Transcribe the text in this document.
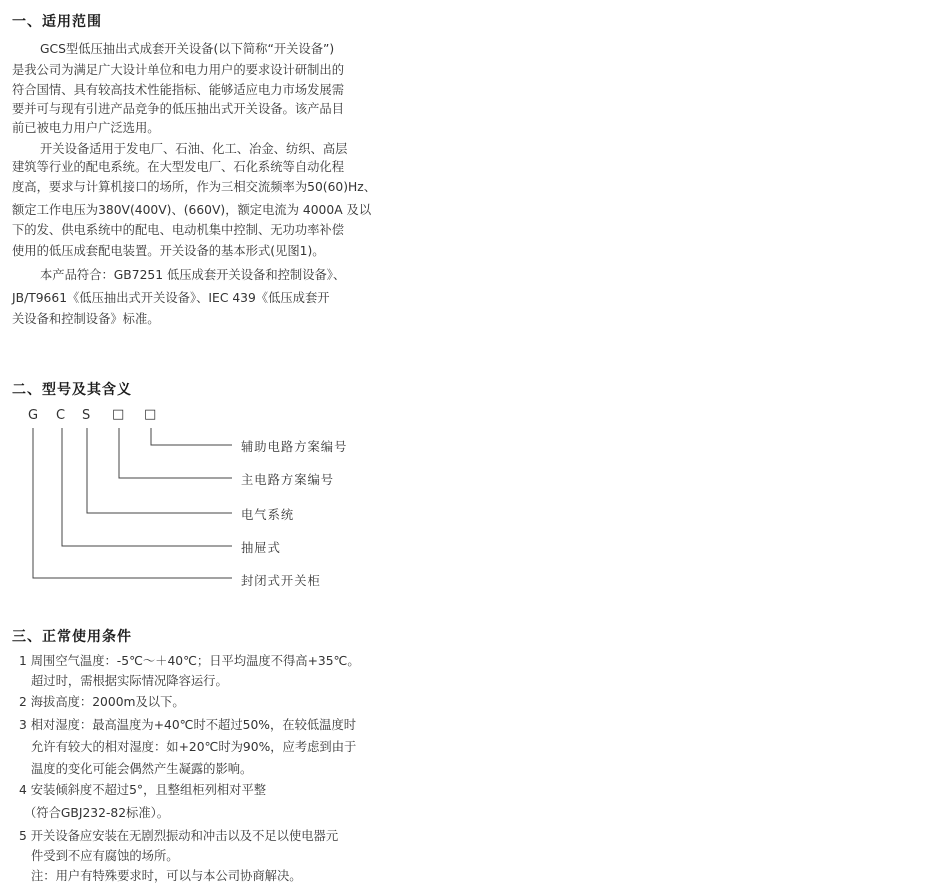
一、适用范围
GCS型低压抽出式成套开关设备(以下简称“开关设备”)
是我公司为满足广大设计单位和电力用户的要求设计研制出的
符合国情、具有较高技术性能指标、能够适应电力市场发展需
要并可与现有引进产品竞争的低压抽出式开关设备。该产品目
前已被电力用户广泛选用。
开关设备适用于发电厂、石油、化工、冶金、纺织、高层
建筑等行业的配电系统。在大型发电厂、石化系统等自动化程
度高，要求与计算机接口的场所，作为三相交流频率为50(60)Hz、
额定工作电压为380V(400V)、(660V)，额定电流为 4000A 及以
下的发、供电系统中的配电、电动机集中控制、无功功率补偿
使用的低压成套配电装置。开关设备的基本形式(见图1)。
本产品符合：GB7251 低压成套开关设备和控制设备》、
JB/T9661《低压抽出式开关设备》、IEC 439《低压成套开
关设备和控制设备》标准。
二、型号及其含义
G C S □ □
辅助电路方案编号
主电路方案编号
电气系统
抽屉式
封闭式开关柜
三、正常使用条件
1 周围空气温度：-5℃～＋40℃；日平均温度不得高+35℃。
超过时，需根据实际情况降容运行。
2 海拔高度：2000m及以下。
3 相对湿度：最高温度为+40℃时不超过50%，在较低温度时
允许有较大的相对湿度：如+20℃时为90%，应考虑到由于
温度的变化可能会偶然产生凝露的影响。
4 安装倾斜度不超过5°，且整组柜列相对平整
（符合GBJ232-82标准）。
5 开关设备应安装在无剧烈振动和冲击以及不足以使电器元
件受到不应有腐蚀的场所。
注：用户有特殊要求时，可以与本公司协商解决。
